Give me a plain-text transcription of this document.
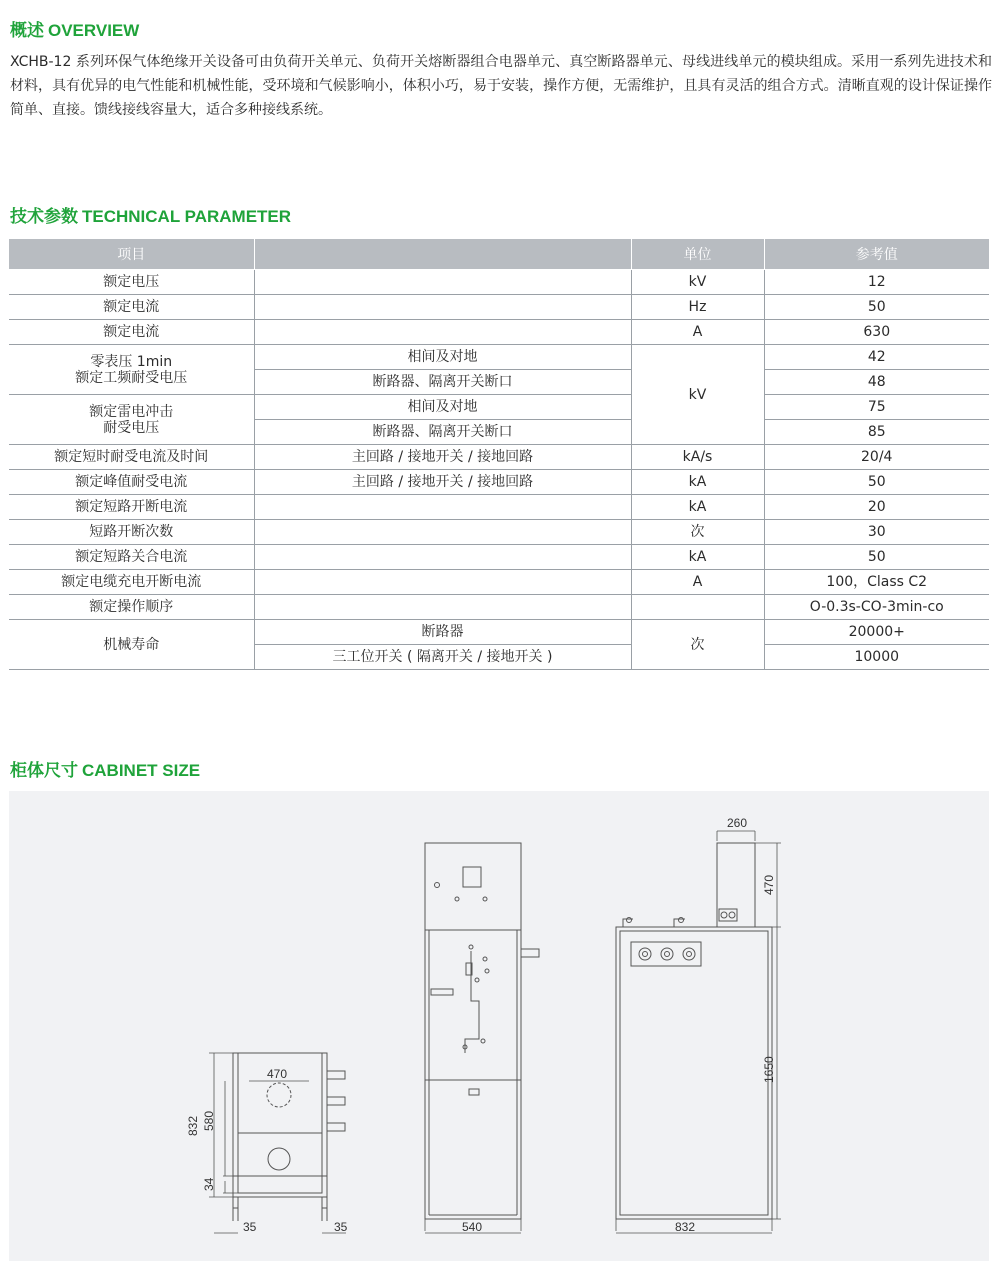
概述 OVERVIEW

XCHB-12 系列环保气体绝缘开关设备可由负荷开关单元、负荷开关熔断器组合电器单元、真空断路器单元、母线进线单元的模块组成。采用一系列先进技术和材料，具有优异的电气性能和机械性能，受环境和气候影响小，体积小巧，易于安装，操作方便，无需维护，且具有灵活的组合方式。清晰直观的设计保证操作简单、直接。馈线接线容量大，适合多种接线系统。

技术参数 TECHNICAL PARAMETER
项目		单位	参考值
额定电压		kV	12
额定电流		Hz	50
额定电流		A	630
零表压 1min
额定工频耐受电压	相间及对地	kV	42
	断路器、隔离开关断口		48
额定雷电冲击
耐受电压	相间及对地		75
	断路器、隔离开关断口		85
额定短时耐受电流及时间	主回路 / 接地开关 / 接地回路	kA/s	20/4
额定峰值耐受电流	主回路 / 接地开关 / 接地回路	kA	50
额定短路开断电流		kA	20
短路开断次数		次	30
额定短路关合电流		kA	50
额定电缆充电开断电流		A	100，Class C2
额定操作顺序			O-0.3s-CO-3min-co
机械寿命	断路器	次	20000+
	三工位开关 ( 隔离开关 / 接地开关 )		10000
柜体尺寸 CABINET SIZE
470
832 580
34
35	35	540
260
470
1650
832
